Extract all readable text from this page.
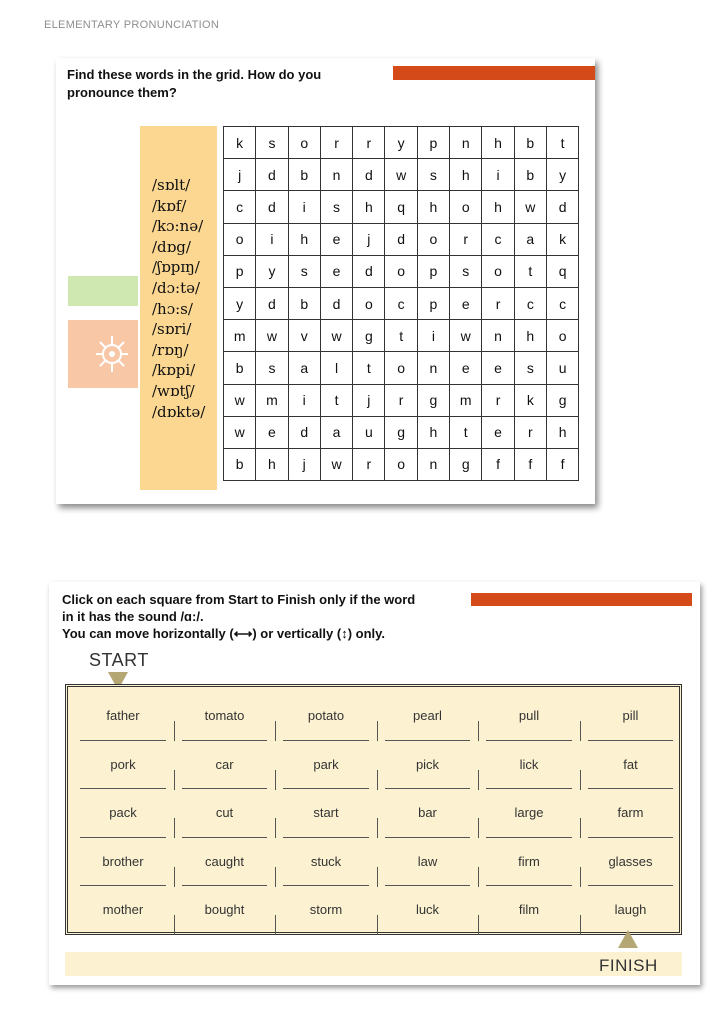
ELEMENTARY PRONUNCIATION
Find these words in the grid. How do you
pronounce them?
/sɒlt/
/kɒf/
/kɔ:nə/
/dɒg/
/ʃɒpɪŋ/
/dɔ:tə/
/hɔ:s/
/sɒri/
/rɒŋ/
/kɒpi/
/wɒtʃ/
/dɒktə/
k	s	o	r	r	y	p	n	h	b	t
j	d	b	n	d	w	s	h	i	b	y
c	d	i	s	h	q	h	o	h	w	d
o	i	h	e	j	d	o	r	c	a	k
p	y	s	e	d	o	p	s	o	t	q
y	d	b	d	o	c	p	e	r	c	c
m	w	v	w	g	t	i	w	n	h	o
b	s	a	l	t	o	n	e	e	s	u
w	m	i	t	j	r	g	m	r	k	g
w	e	d	a	u	g	h	t	e	r	h
b	h	j	w	r	o	n	g	f	f	f
Click on each square from Start to Finish only if the word
in it has the sound /ɑ:/.
You can move horizontally (⟷) or vertically (↕) only.
START
father	tomato	potato	pearl	pull	pill
pork	car	park	pick	lick	fat
pack	cut	start	bar	large	farm
brother	caught	stuck	law	firm	glasses
mother	bought	storm	luck	film	laugh
FINISH
